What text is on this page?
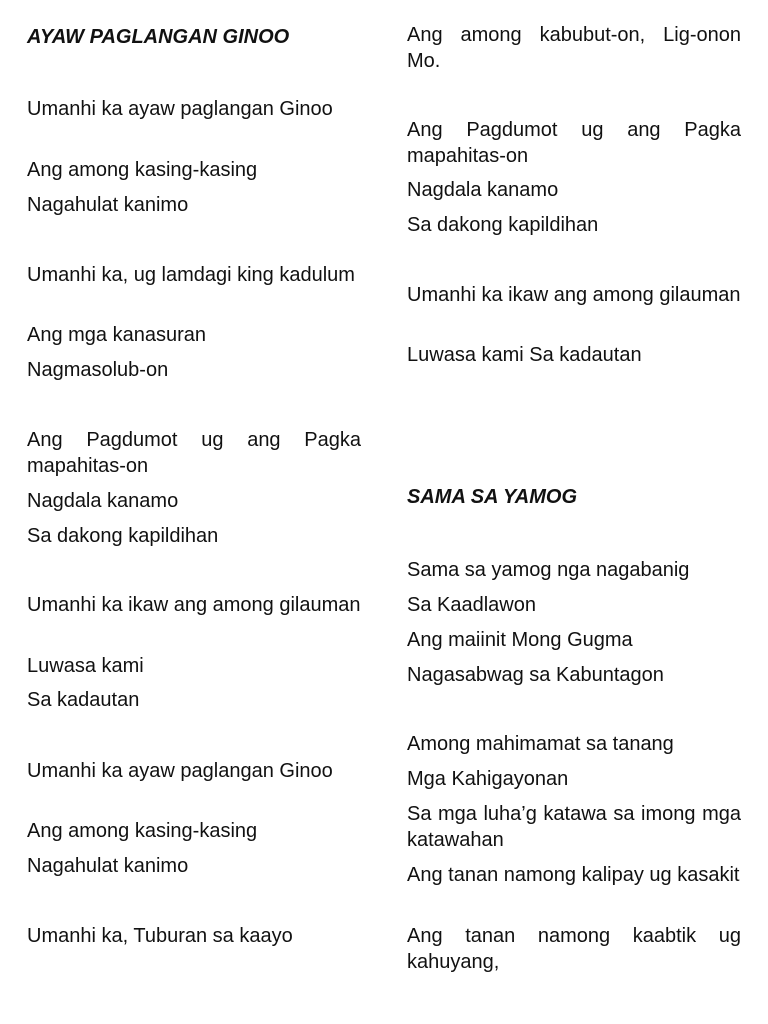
AYAW PAGLANGAN GINOO
Umanhi ka ayaw paglangan Ginoo
Ang among kasing-kasing
Nagahulat kanimo
Umanhi ka, ug lamdagi king kadulum
Ang mga kanasuran
Nagmasolub-on
Ang Pagdumot ug ang Pagka mapahitas-on
Nagdala kanamo
Sa dakong kapildihan
Umanhi ka ikaw ang among gilauman
Luwasa kami
Sa kadautan
Umanhi ka ayaw paglangan Ginoo
Ang among kasing-kasing
Nagahulat kanimo
Umanhi ka, Tuburan sa kaayo
Ang among kabubut-on, Lig-onon Mo.
Ang Pagdumot ug ang Pagka mapahitas-on
Nagdala kanamo
Sa dakong kapildihan
Umanhi ka ikaw ang among gilauman
Luwasa kami Sa kadautan
SAMA SA YAMOG
Sama sa yamog nga nagabanig
Sa Kaadlawon
Ang maiinit Mong Gugma
Nagasabwag sa Kabuntagon
Among mahimamat sa tanang
Mga Kahigayonan
Sa mga luha’g katawa sa imong mga katawahan
Ang tanan namong kalipay ug kasakit
Ang tanan namong kaabtik ug kahuyang,
